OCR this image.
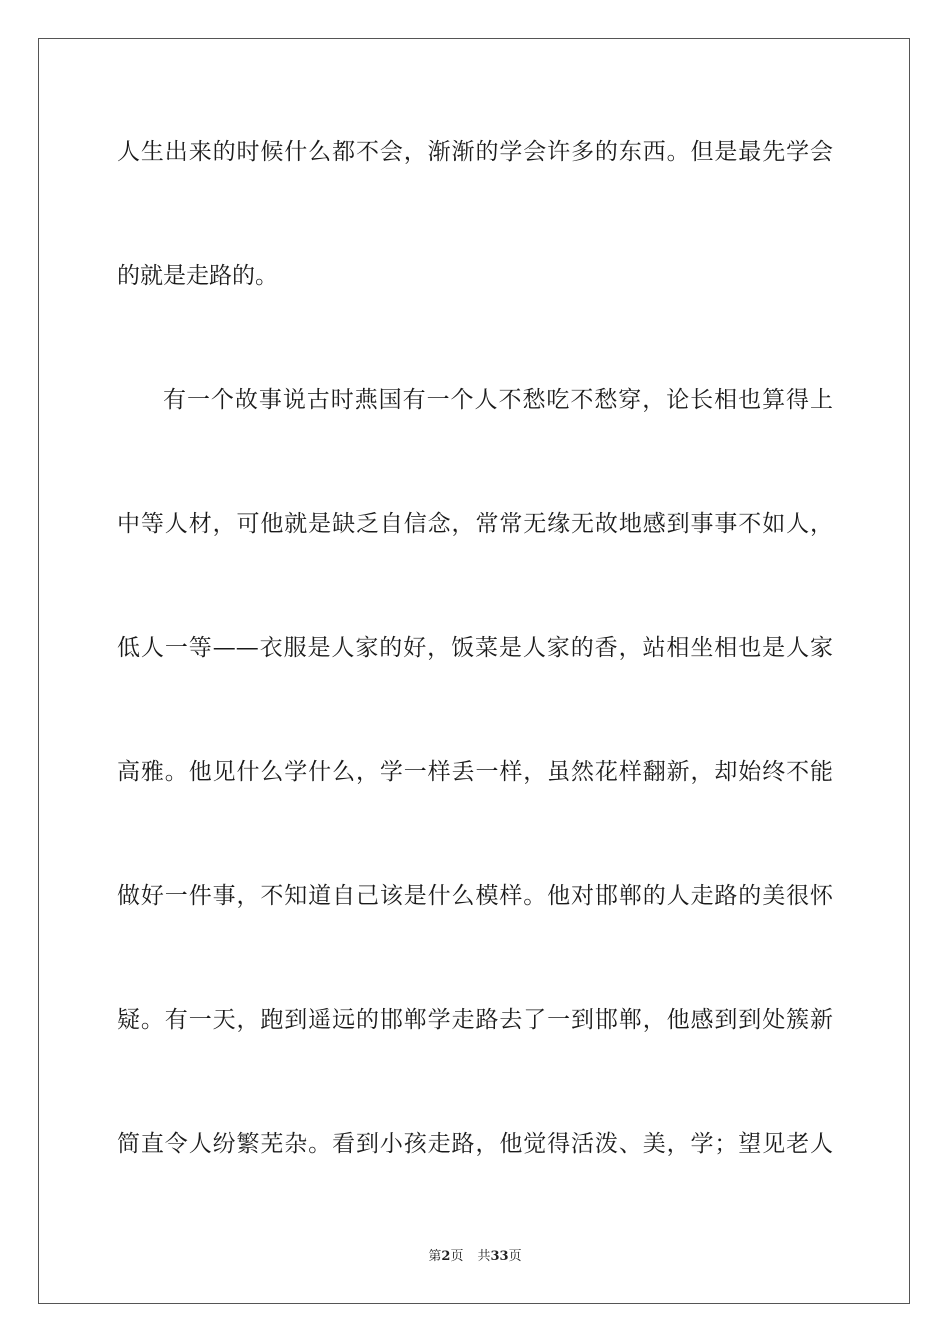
人生出来的时候什么都不会，渐渐的学会许多的东西。但是最先学会
的就是走路的。
有一个故事说古时燕国有一个人不愁吃不愁穿，论长相也算得上
中等人材，可他就是缺乏自信念，常常无缘无故地感到事事不如人，
低人一等——衣服是人家的好，饭菜是人家的香，站相坐相也是人家
高雅。他见什么学什么，学一样丢一样，虽然花样翻新，却始终不能
做好一件事，不知道自己该是什么模样。他对邯郸的人走路的美很怀
疑。有一天，跑到遥远的邯郸学走路去了一到邯郸，他感到到处簇新
简直令人纷繁芜杂。看到小孩走路，他觉得活泼、美，学；望见老人
第2页 共33页
